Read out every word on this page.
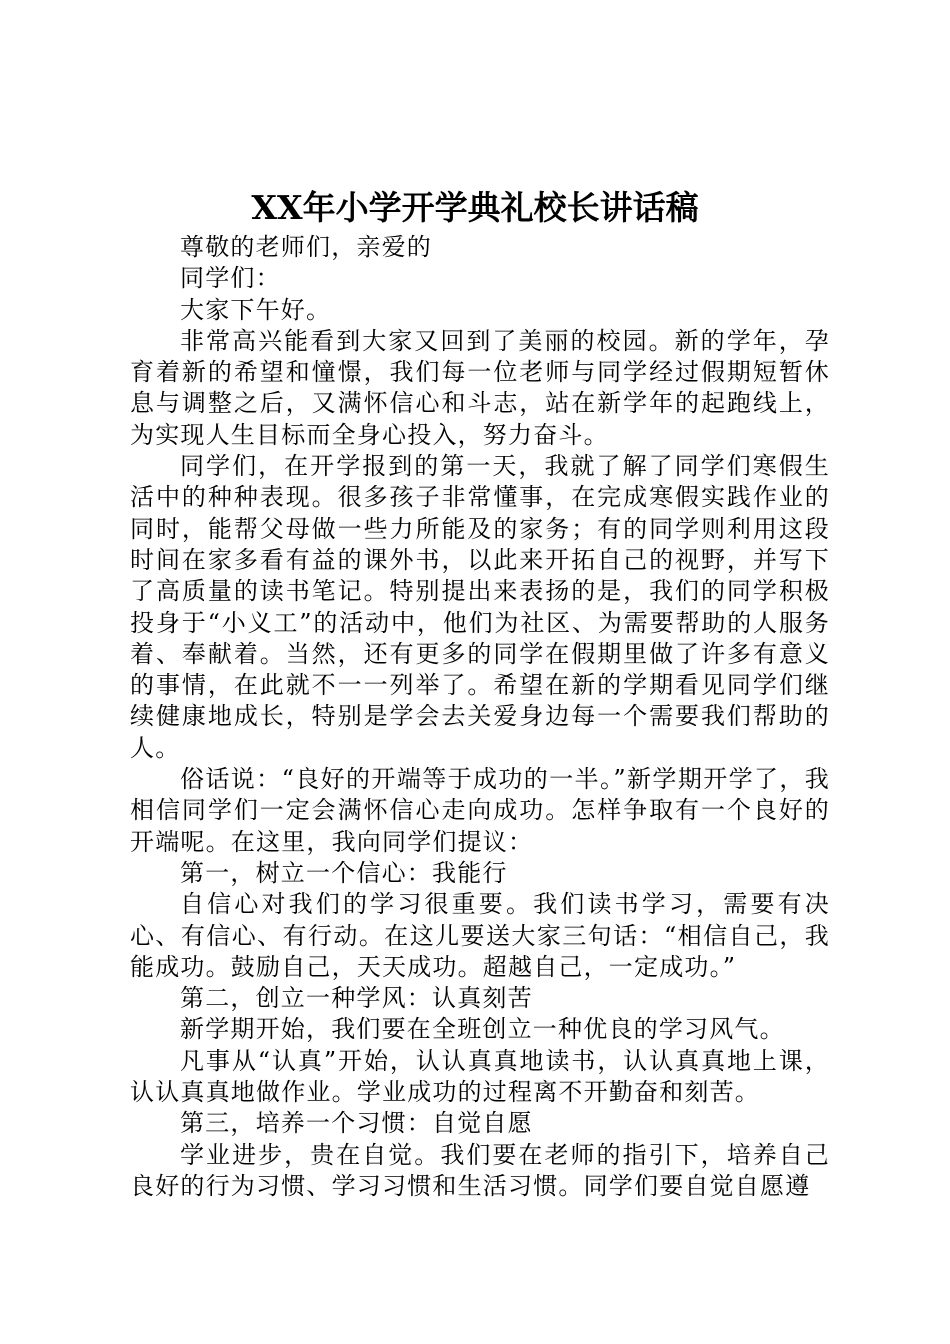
XX年小学开学典礼校长讲话稿

尊敬的老师们，亲爱的

同学们：

大家下午好。

非常高兴能看到大家又回到了美丽的校园。新的学年，孕育着新的希望和憧憬，我们每一位老师与同学经过假期短暂休息与调整之后，又满怀信心和斗志，站在新学年的起跑线上，为实现人生目标而全身心投入，努力奋斗。

同学们，在开学报到的第一天，我就了解了同学们寒假生活中的种种表现。很多孩子非常懂事，在完成寒假实践作业的同时，能帮父母做一些力所能及的家务；有的同学则利用这段时间在家多看有益的课外书，以此来开拓自己的视野，并写下了高质量的读书笔记。特别提出来表扬的是，我们的同学积极投身于“小义工”的活动中，他们为社区、为需要帮助的人服务着、奉献着。当然，还有更多的同学在假期里做了许多有意义的事情，在此就不一一列举了。希望在新的学期看见同学们继续健康地成长，特别是学会去关爱身边每一个需要我们帮助的人。

俗话说：“良好的开端等于成功的一半。”新学期开学了，我相信同学们一定会满怀信心走向成功。怎样争取有一个良好的开端呢。在这里，我向同学们提议：

第一，树立一个信心：我能行

自信心对我们的学习很重要。我们读书学习，需要有决心、有信心、有行动。在这儿要送大家三句话：“相信自己，我能成功。鼓励自己，天天成功。超越自己，一定成功。”

第二，创立一种学风：认真刻苦

新学期开始，我们要在全班创立一种优良的学习风气。

凡事从“认真”开始，认认真真地读书，认认真真地上课，认认真真地做作业。学业成功的过程离不开勤奋和刻苦。

第三，培养一个习惯：自觉自愿

学业进步，贵在自觉。我们要在老师的指引下，培养自己良好的行为习惯、学习习惯和生活习惯。同学们要自觉自愿遵
